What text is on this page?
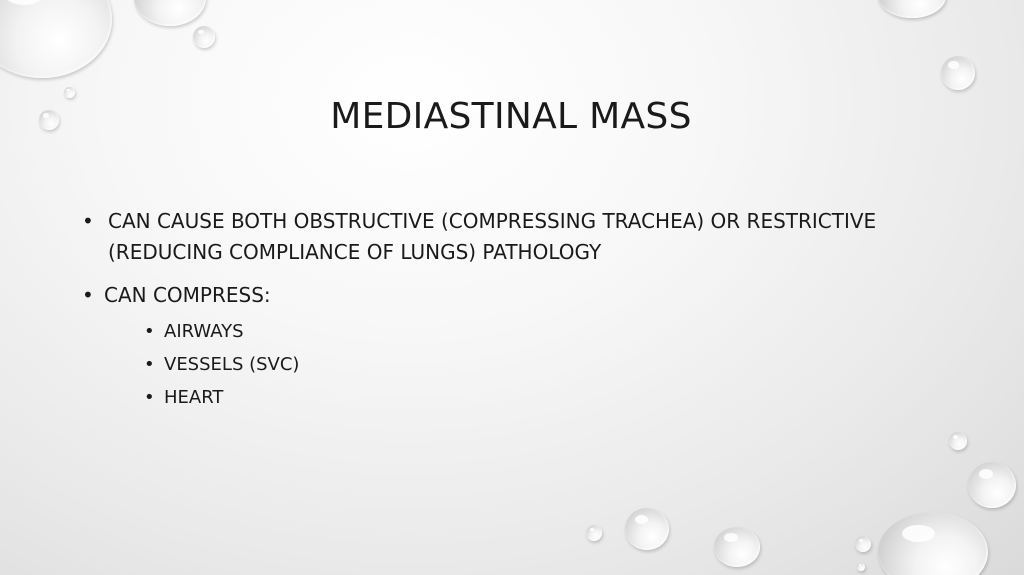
MEDIASTINAL MASS
• CAN CAUSE BOTH OBSTRUCTIVE (COMPRESSING TRACHEA) OR RESTRICTIVE (REDUCING COMPLIANCE OF LUNGS) PATHOLOGY
• CAN COMPRESS:
• AIRWAYS
• VESSELS (SVC)
• HEART
